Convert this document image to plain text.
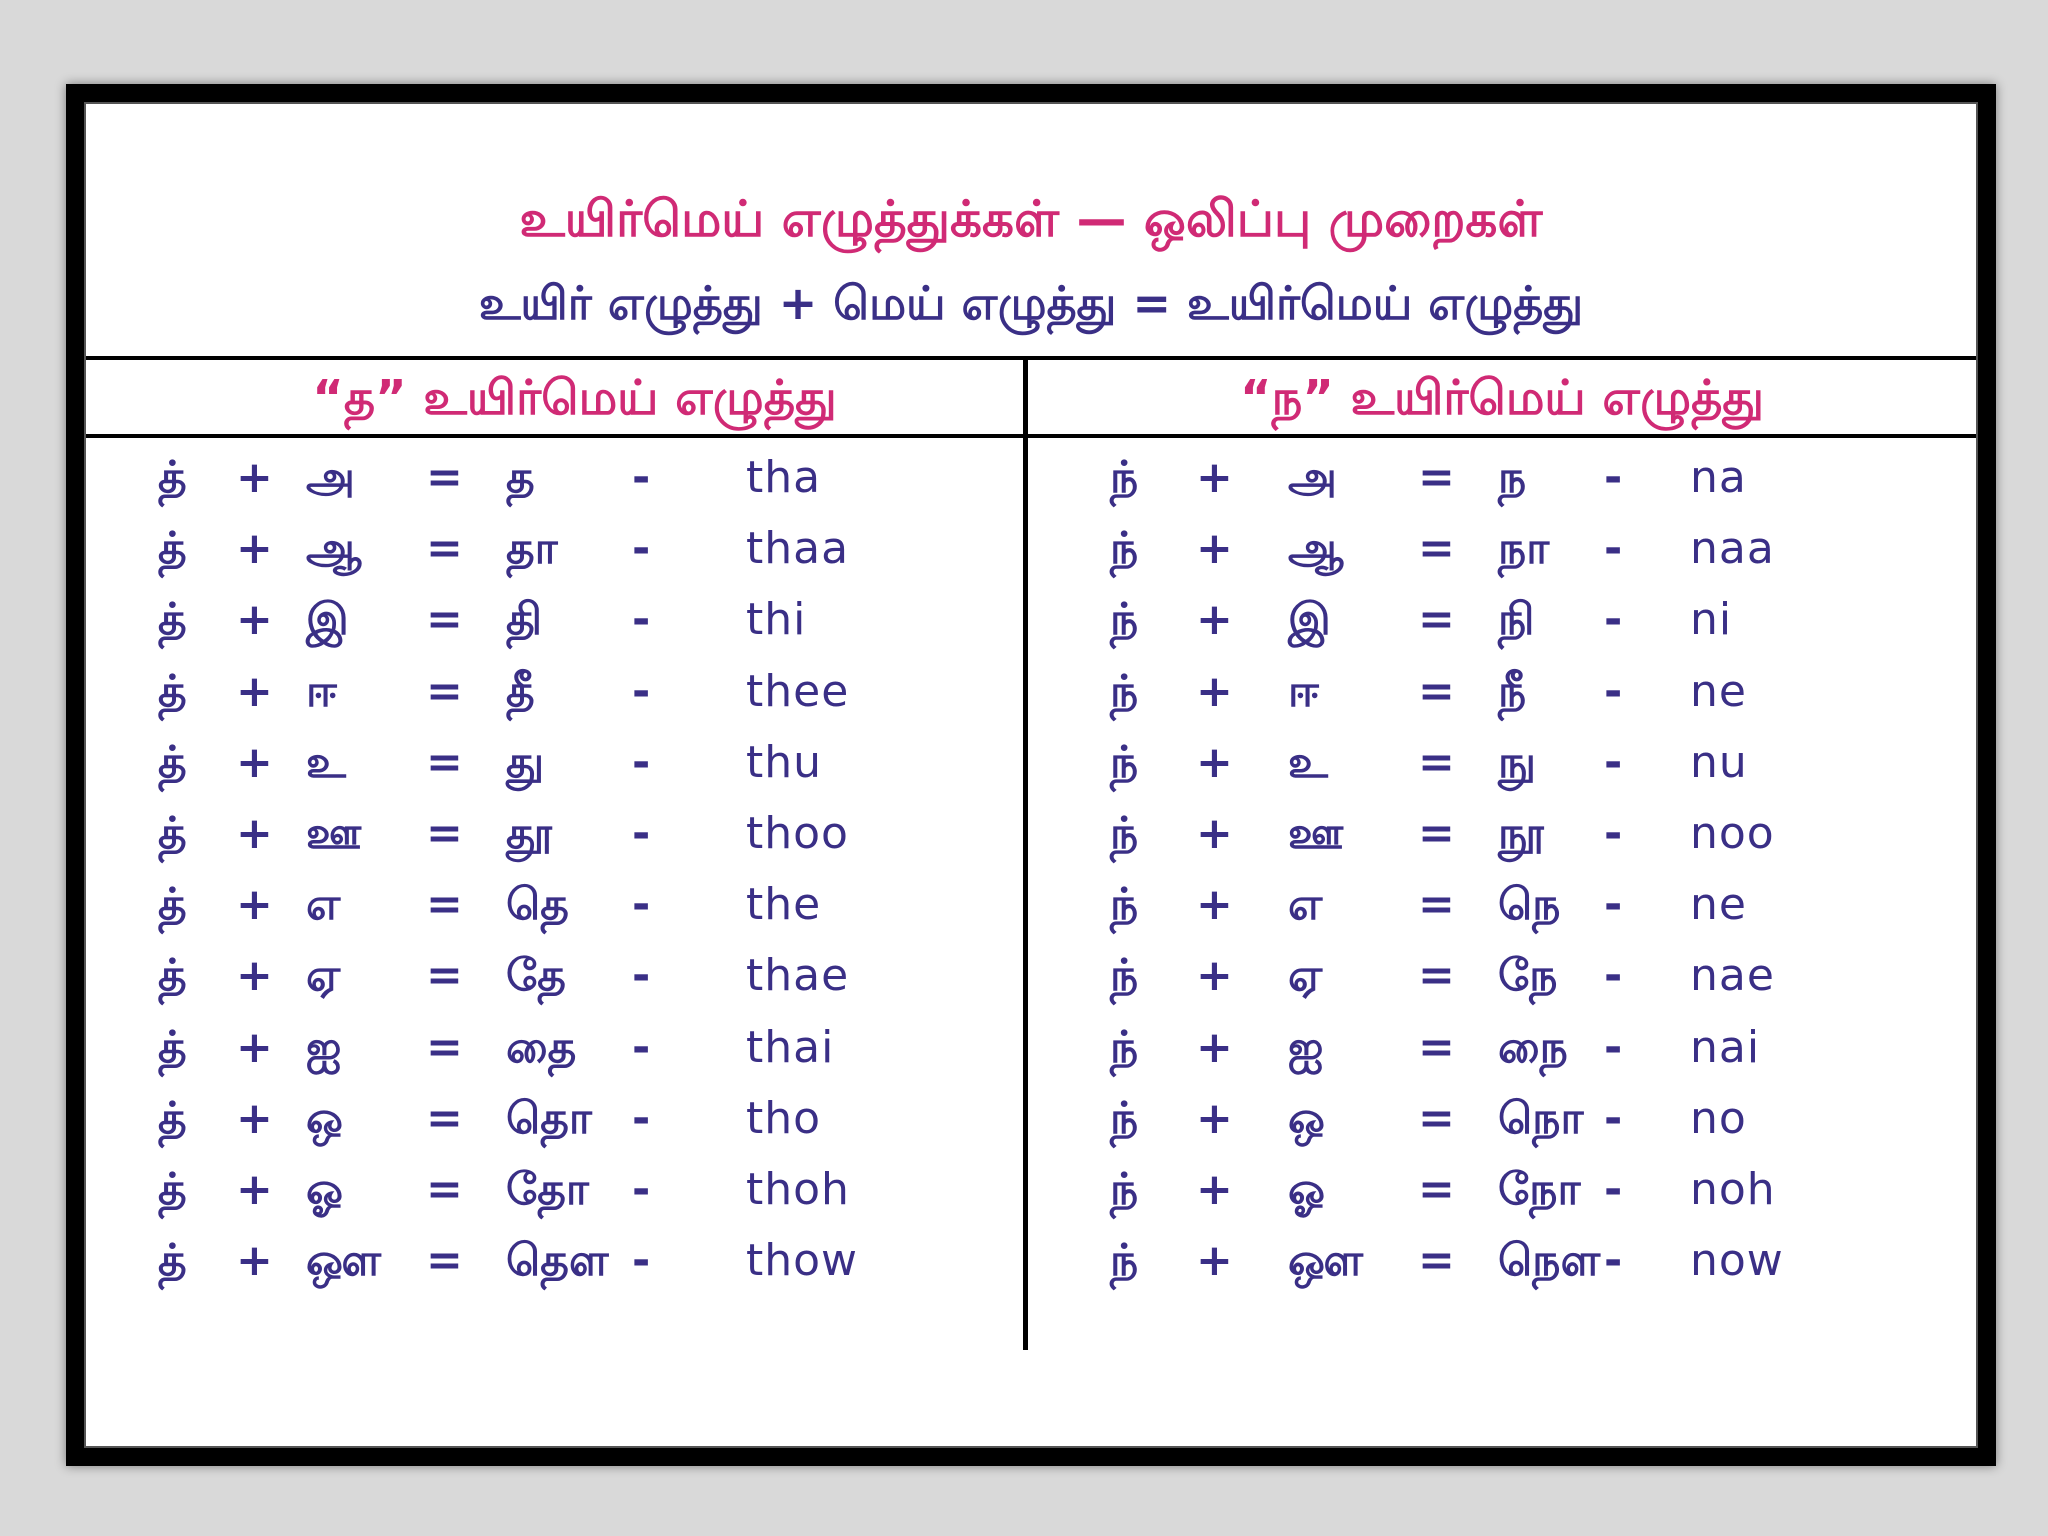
உயிர்மெய் எழுத்துக்கள் — ஒலிப்பு முறைகள்
உயிர் எழுத்து + மெய் எழுத்து = உயிர்மெய் எழுத்து
“த” உயிர்மெய் எழுத்து	“ந” உயிர்மெய் எழுத்து
த் + அ = த - tha
த் + ஆ = தா - thaa
த் + இ = தி - thi
த் + ஈ = தீ - thee
த் + உ = து - thu
த் + ஊ = தூ - thoo
த் + எ = தெ - the
த் + ஏ = தே - thae
த் + ஐ = தை - thai
த் + ஒ = தொ - tho
த் + ஓ = தோ - thoh
த் + ஔ = தௌ - thow
ந் + அ = ந - na
ந் + ஆ = நா - naa
ந் + இ = நி - ni
ந் + ஈ = நீ - ne
ந் + உ = நு - nu
ந் + ஊ = நூ - noo
ந் + எ = நெ - ne
ந் + ஏ = நே - nae
ந் + ஐ = நை - nai
ந் + ஒ = நொ - no
ந் + ஓ = நோ - noh
ந் + ஔ = நௌ - now
